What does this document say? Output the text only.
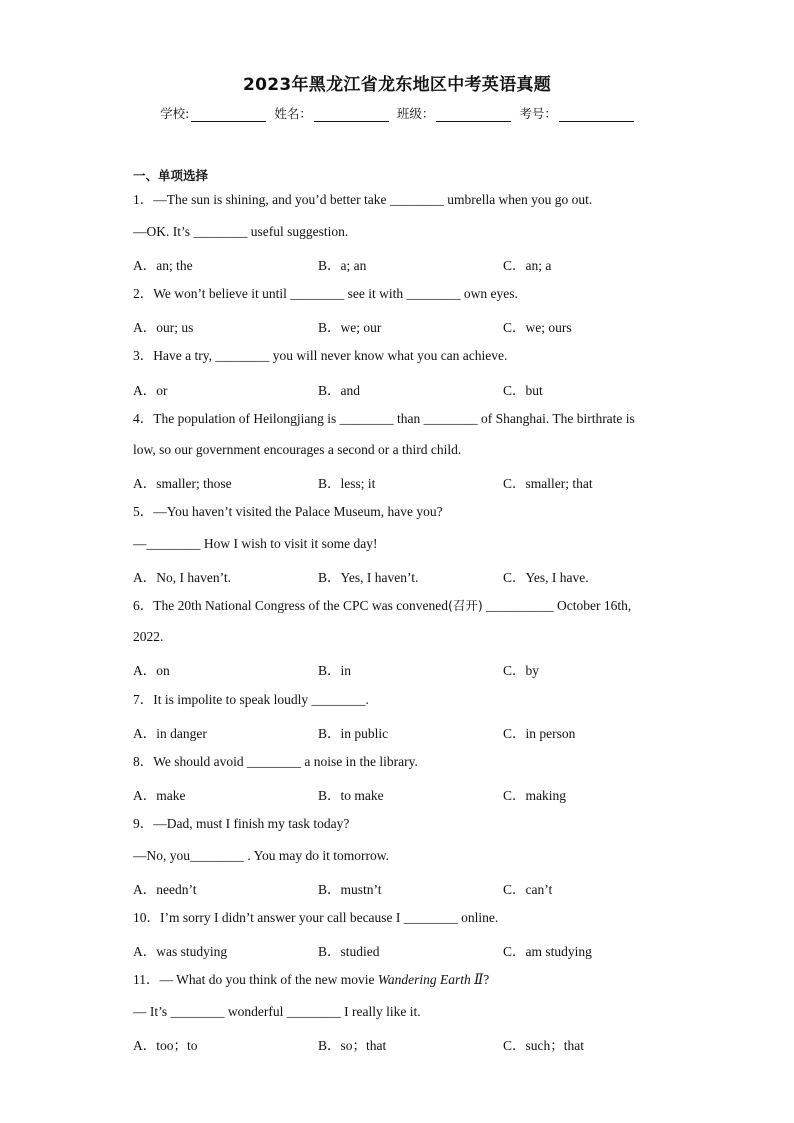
2023年黑龙江省龙东地区中考英语真题
学校:	姓名：	班级：	考号：
一、单项选择
1．—The sun is shining, and you’d better take ________ umbrella when you go out.
—OK. It’s ________ useful suggestion.
A．an; the	B．a; an	C．an; a
2．We won’t believe it until ________ see it with ________ own eyes.
A．our; us	B．we; our	C．we; ours
3．Have a try, ________ you will never know what you can achieve.
A．or	B．and	C．but
4．The population of Heilongjiang is ________ than ________ of Shanghai. The birthrate is
low, so our government encourages a second or a third child.
A．smaller; those	B．less; it	C．smaller; that
5．—You haven’t visited the Palace Museum, have you?
—________ How I wish to visit it some day!
A．No, I haven’t.	B．Yes, I haven’t.	C．Yes, I have.
6．The 20th National Congress of the CPC was convened(召开) __________ October 16th,
2022.
A．on	B．in	C．by
7．It is impolite to speak loudly ________.
A．in danger	B．in public	C．in person
8．We should avoid ________ a noise in the library.
A．make	B．to make	C．making
9．—Dad, must I finish my task today?
—No, you________ . You may do it tomorrow.
A．needn’t	B．mustn’t	C．can’t
10．I’m sorry I didn’t answer your call because I ________ online.
A．was studying	B．studied	C．am studying
11．— What do you think of the new movie Wandering Earth Ⅱ?
— It’s ________ wonderful ________ I really like it.
A．too；to	B．so；that	C．such；that
